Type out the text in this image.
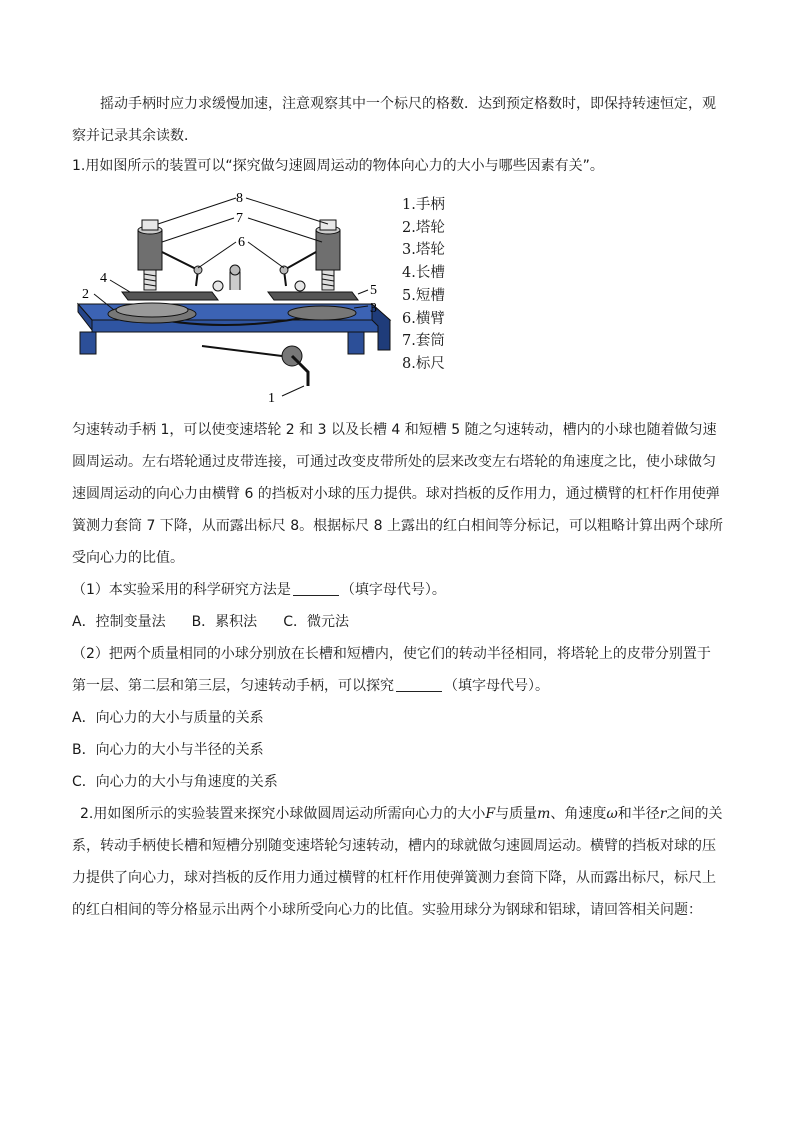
摇动手柄时应力求缓慢加速，注意观察其中一个标尺的格数．达到预定格数时，即保持转速恒定，观察并记录其余读数．

1.用如图所示的装置可以“探究做匀速圆周运动的物体向心力的大小与哪些因素有关”。

8
7
6
4
2	5
3
1
1.手柄
2.塔轮
3.塔轮
4.长槽
5.短槽
6.横臂
7.套筒
8.标尺

匀速转动手柄 1，可以使变速塔轮 2 和 3 以及长槽 4 和短槽 5 随之匀速转动，槽内的小球也随着做匀速圆周运动。左右塔轮通过皮带连接，可通过改变皮带所处的层来改变左右塔轮的角速度之比，使小球做匀速圆周运动的向心力由横臂 6 的挡板对小球的压力提供。球对挡板的反作用力，通过横臂的杠杆作用使弹簧测力套筒 7 下降，从而露出标尺 8。根据标尺 8 上露出的红白相间等分标记，可以粗略计算出两个球所受向心力的比值。

（1）本实验采用的科学研究方法是	（填字母代号）。

A．控制变量法 B．累积法 C．微元法

（2）把两个质量相同的小球分别放在长槽和短槽内，使它们的转动半径相同，将塔轮上的皮带分别置于第一层、第二层和第三层，匀速转动手柄，可以探究	（填字母代号）。

A．向心力的大小与质量的关系

B．向心力的大小与半径的关系

C．向心力的大小与角速度的关系

2.用如图所示的实验装置来探究小球做圆周运动所需向心力的大小F与质量m、角速度ω和半径r之间的关系，转动手柄使长槽和短槽分别随变速塔轮匀速转动，槽内的球就做匀速圆周运动。横臂的挡板对球的压力提供了向心力，球对挡板的反作用力通过横臂的杠杆作用使弹簧测力套筒下降，从而露出标尺，标尺上的红白相间的等分格显示出两个小球所受向心力的比值。实验用球分为钢球和铝球，请回答相关问题：
